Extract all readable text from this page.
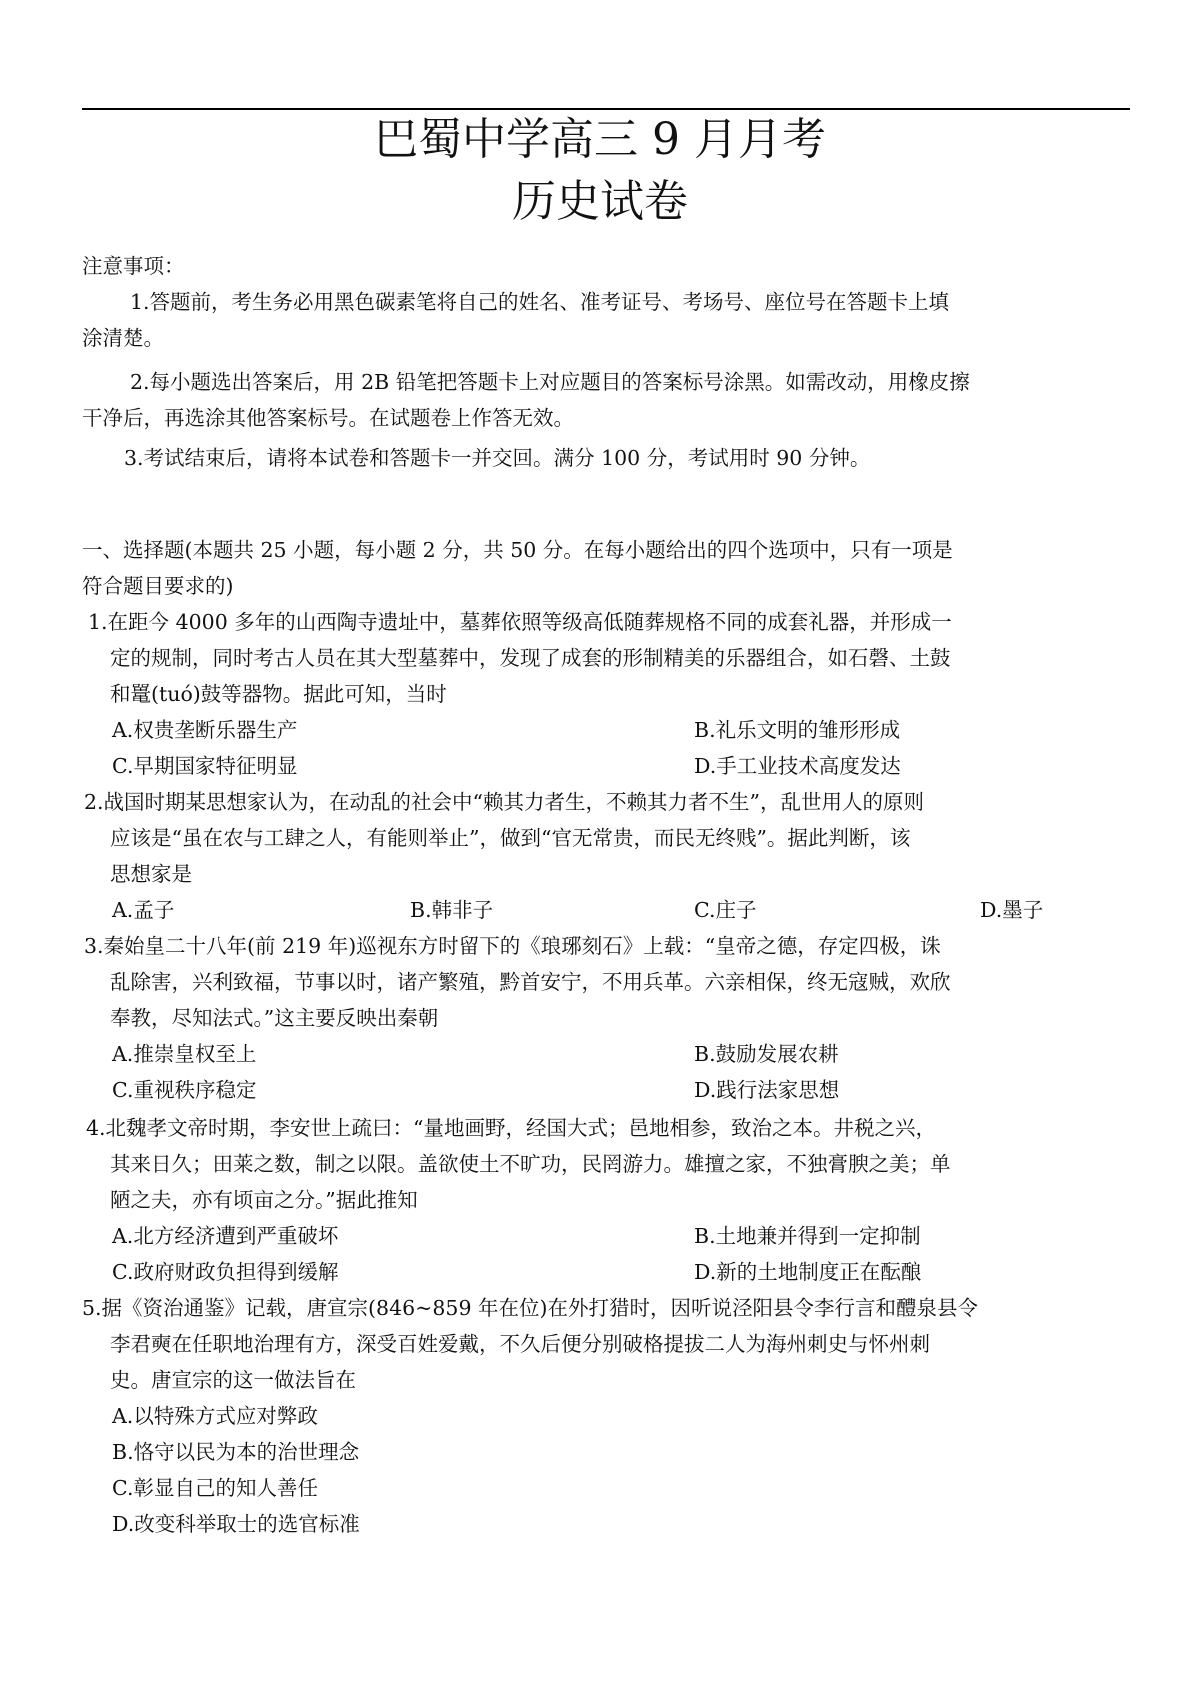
巴蜀中学高三 9 月月考
历史试卷
注意事项：
1.答题前，考生务必用黑色碳素笔将自己的姓名、准考证号、考场号、座位号在答题卡上填
涂清楚。
2.每小题选出答案后，用 2B 铅笔把答题卡上对应题目的答案标号涂黑。如需改动，用橡皮擦
干净后，再选涂其他答案标号。在试题卷上作答无效。
3.考试结束后，请将本试卷和答题卡一并交回。满分 100 分，考试用时 90 分钟。
一、选择题(本题共 25 小题，每小题 2 分，共 50 分。在每小题给出的四个选项中，只有一项是
符合题目要求的)
1.在距今 4000 多年的山西陶寺遗址中，墓葬依照等级高低随葬规格不同的成套礼器，并形成一
定的规制，同时考古人员在其大型墓葬中，发现了成套的形制精美的乐器组合，如石磬、土鼓
和鼍(tuó)鼓等器物。据此可知，当时
A.权贵垄断乐器生产	B.礼乐文明的雏形形成
C.早期国家特征明显	D.手工业技术高度发达
2.战国时期某思想家认为，在动乱的社会中“赖其力者生，不赖其力者不生”，乱世用人的原则
应该是“虽在农与工肆之人，有能则举止”，做到“官无常贵，而民无终贱”。据此判断，该
思想家是
A.孟子	B.韩非子	C.庄子	D.墨子
3.秦始皇二十八年(前 219 年)巡视东方时留下的《琅琊刻石》上载：“皇帝之德，存定四极，诛
乱除害，兴利致福，节事以时，诸产繁殖，黔首安宁，不用兵革。六亲相保，终无寇贼，欢欣
奉教，尽知法式。”这主要反映出秦朝
A.推崇皇权至上	B.鼓励发展农耕
C.重视秩序稳定	D.践行法家思想
4.北魏孝文帝时期，李安世上疏曰：“量地画野，经国大式；邑地相参，致治之本。井税之兴，
其来日久；田莱之数，制之以限。盖欲使土不旷功，民罔游力。雄擅之家，不独膏腴之美；单
陋之夫，亦有顷亩之分。”据此推知
A.北方经济遭到严重破坏	B.土地兼并得到一定抑制
C.政府财政负担得到缓解	D.新的土地制度正在酝酿
5.据《资治通鉴》记载，唐宣宗(846~859 年在位)在外打猎时，因听说泾阳县令李行言和醴泉县令
李君奭在任职地治理有方，深受百姓爱戴，不久后便分别破格提拔二人为海州刺史与怀州刺
史。唐宣宗的这一做法旨在
A.以特殊方式应对弊政
B.恪守以民为本的治世理念
C.彰显自己的知人善任
D.改变科举取士的选官标准
